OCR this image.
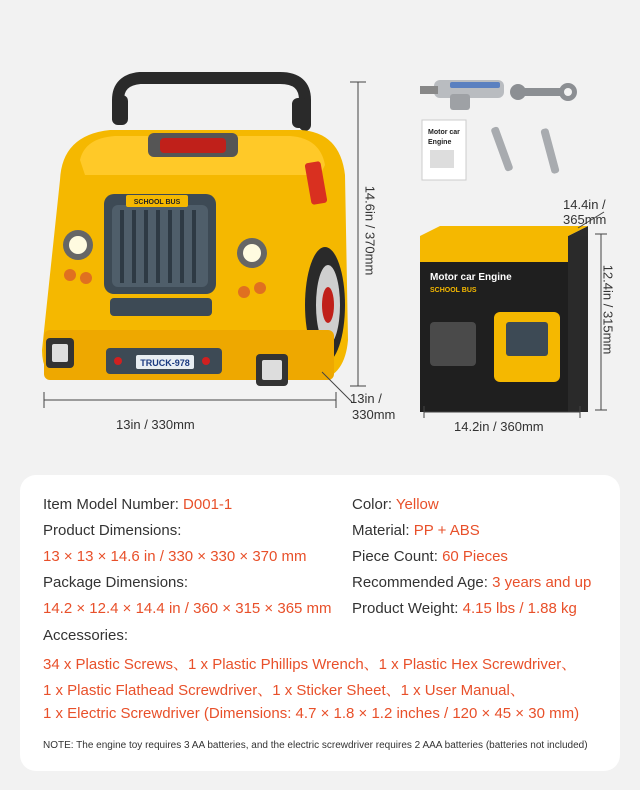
SCHOOL BUS
TRUCK-978
13in / 330mm
14.6in / 370mm
13in /
330mm
Motor car
Engine
Motor car Engine
SCHOOL BUS
14.2in / 360mm
12.4in / 315mm
14.4in /
365mm
Item Model Number: D001-1	Color: Yellow
Product Dimensions:	Material: PP + ABS
13 × 13 × 14.6 in / 330 × 330 × 370 mm	Piece Count: 60 Pieces
Package Dimensions:	Recommended Age: 3 years and up
14.2 × 12.4 × 14.4 in / 360 × 315 × 365 mm Product Weight: 4.15 lbs / 1.88 kg
Accessories:
34 x Plastic Screws、1 x Plastic Phillips Wrench、1 x Plastic Hex Screwdriver、
1 x Plastic Flathead Screwdriver、1 x Sticker Sheet、1 x User Manual、
1 x Electric Screwdriver (Dimensions: 4.7 × 1.8 × 1.2 inches / 120 × 45 × 30 mm)
NOTE: The engine toy requires 3 AA batteries, and the electric screwdriver requires 2 AAA batteries (batteries not included)
